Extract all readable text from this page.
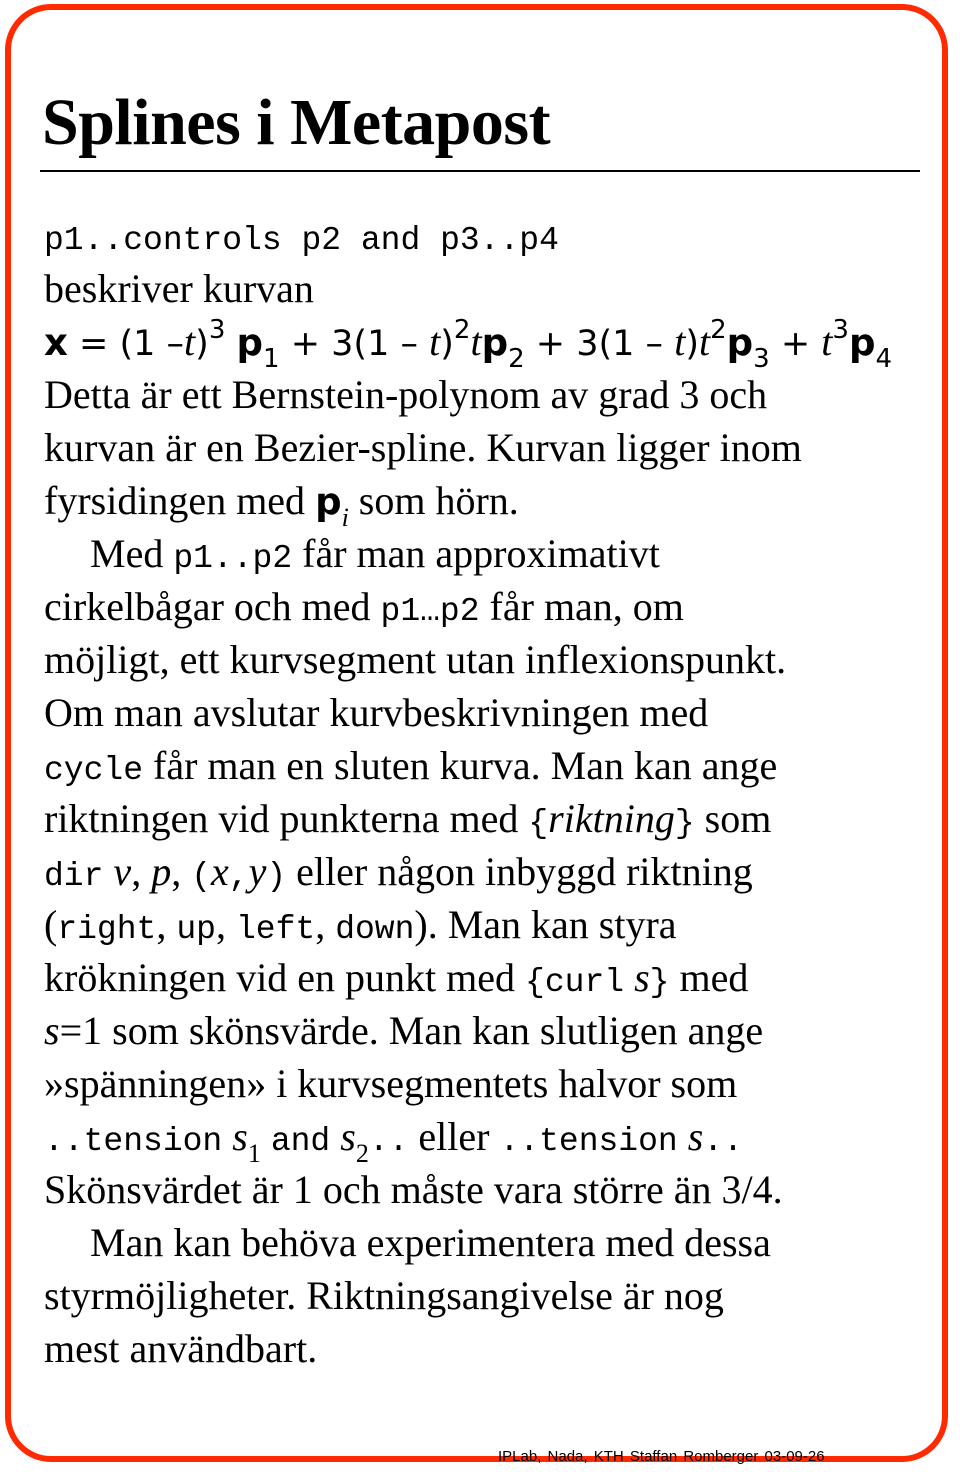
Splines i Metapost
p1..controls p2 and p3..p4
beskriver kurvan
x = (1 –t)$^3$ $p_1 + 3(1 - t)^2tp_2 + 3(1 - t)t^2p_3 + t^3p_4$
Detta är ett Bernstein-polynom av grad 3 och
kurvan är en Bezier-spline. Kurvan ligger inom
fyrsidingen med $p_i$ som hörn.
Med p1..p2 får man approximativt
cirkelbågar och med p1…p2 får man, om
möjligt, ett kurvsegment utan inflexionspunkt.
Om man avslutar kurvbeskrivningen med
cycle får man en sluten kurva. Man kan ange
riktningen vid punkterna med {riktning} som
dir v, p, (x,y) eller någon inbyggd riktning
(right, up, left, down). Man kan styra
krökningen vid en punkt med {curl s} med
s=1 som skönsvärde. Man kan slutligen ange
»spänningen» i kurvsegmentets halvor som
..tension $s_1$ and $s_2$.. eller ..tension s..
Skönsvärdet är 1 och måste vara större än 3/4.
Man kan behöva experimentera med dessa
styrmöjligheter. Riktningsangivelse är nog
mest användbart.
IPLab, Nada, KTH Staffan Romberger 03-09-26
